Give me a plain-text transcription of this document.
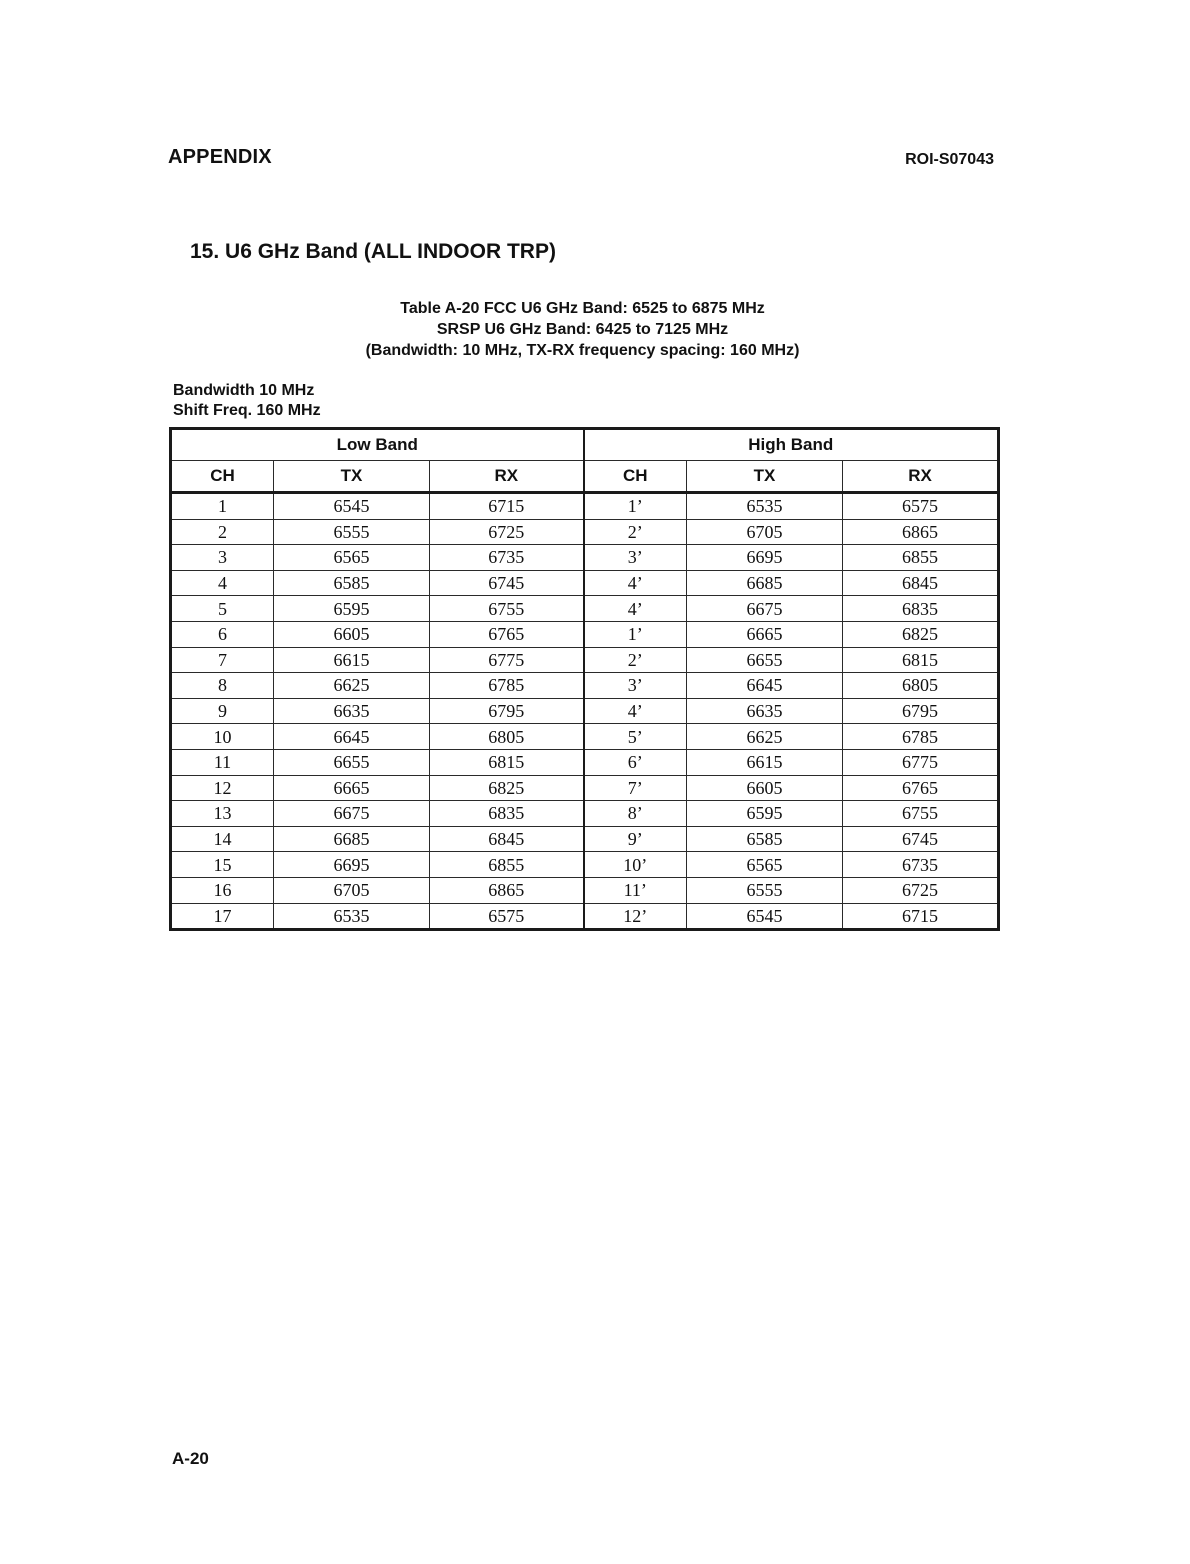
APPENDIX	ROI-S07043
15. U6 GHz Band (ALL INDOOR TRP)
Table A-20 FCC U6 GHz Band: 6525 to 6875 MHz
SRSP U6 GHz Band: 6425 to 7125 MHz
(Bandwidth: 10 MHz, TX-RX frequency spacing: 160 MHz)
Bandwidth 10 MHz
Shift Freq. 160 MHz
Low Band			High Band		
CH	TX	RX	CH	TX	RX
1	6545	6715	1’	6535	6575
2	6555	6725	2’	6705	6865
3	6565	6735	3’	6695	6855
4	6585	6745	4’	6685	6845
5	6595	6755	4’	6675	6835
6	6605	6765	1’	6665	6825
7	6615	6775	2’	6655	6815
8	6625	6785	3’	6645	6805
9	6635	6795	4’	6635	6795
10	6645	6805	5’	6625	6785
11	6655	6815	6’	6615	6775
12	6665	6825	7’	6605	6765
13	6675	6835	8’	6595	6755
14	6685	6845	9’	6585	6745
15	6695	6855	10’	6565	6735
16	6705	6865	11’	6555	6725
17	6535	6575	12’	6545	6715
A-20
